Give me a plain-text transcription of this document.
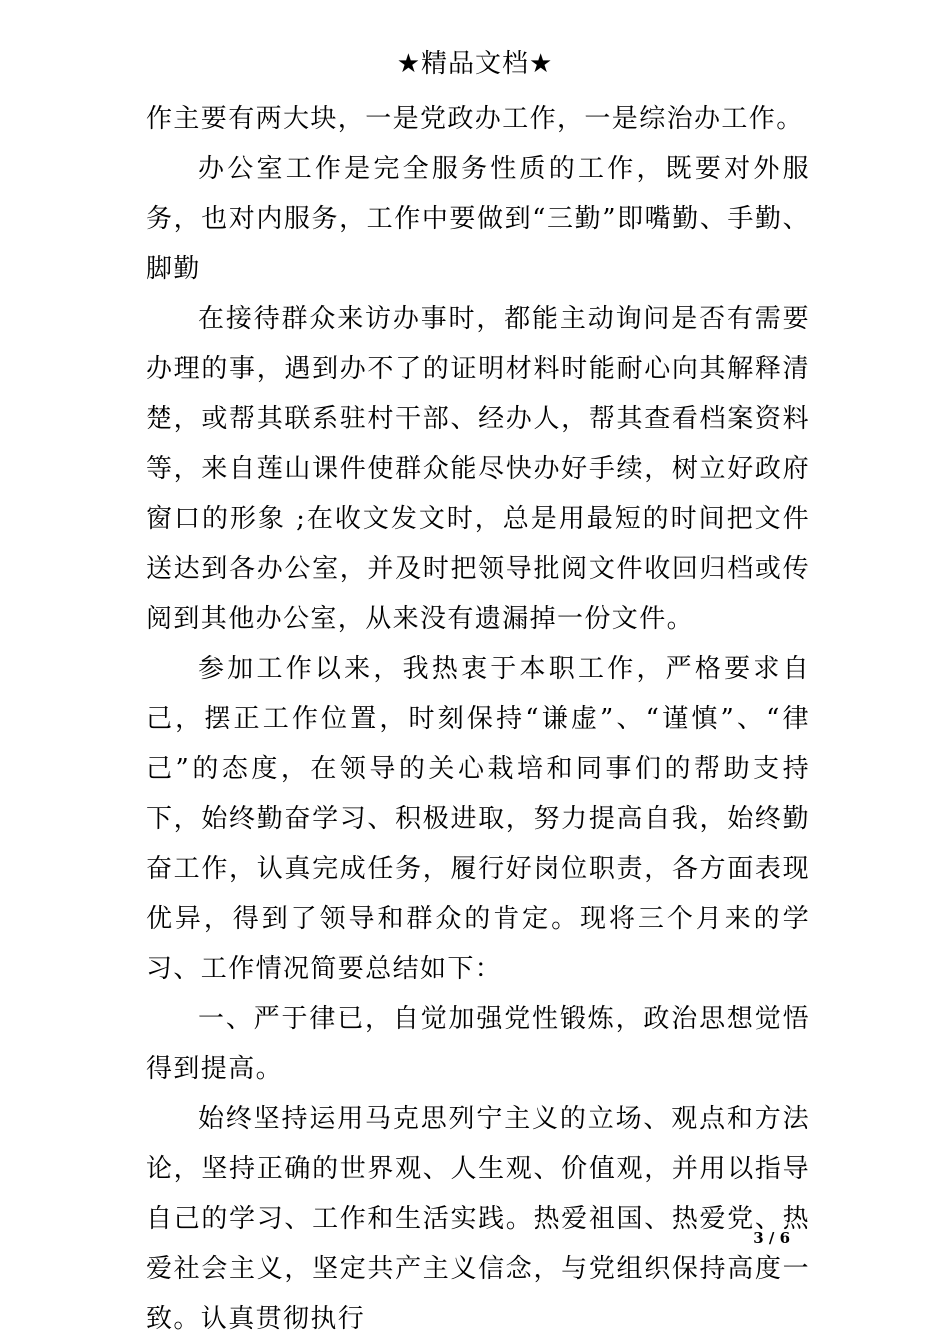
★精品文档★

作主要有两大块，一是党政办工作，一是综治办工作。

办公室工作是完全服务性质的工作，既要对外服务，也对内服务，工作中要做到“三勤”即嘴勤、手勤、脚勤

在接待群众来访办事时，都能主动询问是否有需要办理的事，遇到办不了的证明材料时能耐心向其解释清楚，或帮其联系驻村干部、经办人，帮其查看档案资料等，来自莲山课件使群众能尽快办好手续，树立好政府窗口的形象 ;在收文发文时，总是用最短的时间把文件送达到各办公室，并及时把领导批阅文件收回归档或传阅到其他办公室，从来没有遗漏掉一份文件。

参加工作以来，我热衷于本职工作，严格要求自己，摆正工作位置，时刻保持“谦虚”、“谨慎”、“律己”的态度，在领导的关心栽培和同事们的帮助支持下，始终勤奋学习、积极进取，努力提高自我，始终勤奋工作，认真完成任务，履行好岗位职责，各方面表现优异，得到了领导和群众的肯定。现将三个月来的学习、工作情况简要总结如下：

一、严于律已，自觉加强党性锻炼，政治思想觉悟得到提高。

始终坚持运用马克思列宁主义的立场、观点和方法论，坚持正确的世界观、人生观、价值观，并用以指导自己的学习、工作和生活实践。热爱祖国、热爱党、热爱社会主义，坚定共产主义信念，与党组织保持高度一致。认真贯彻执行

3 / 6
